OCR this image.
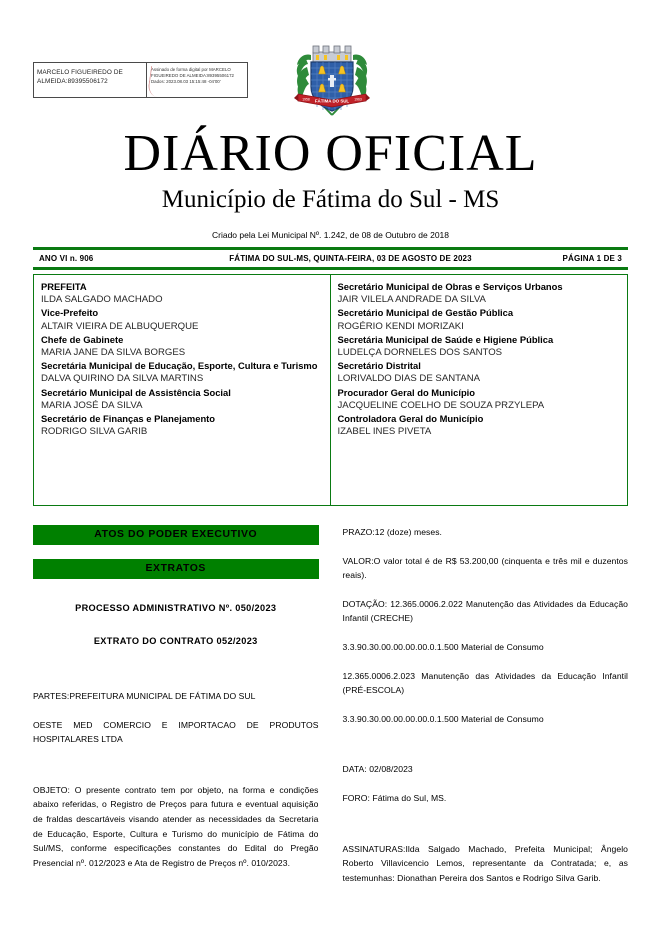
MARCELO FIGUEIREDO DE
ALMEIDA:89395506172
Assinado de forma digital por MARCELO
FIGUEIREDO DE ALMEIDA:89395506172
Dados: 2023.08.03 15:15:48 -04'00'
FÁTIMA DO SUL
1958	1963
DIÁRIO OFICIAL
Município de Fátima do Sul - MS
Criado pela Lei Municipal Nº. 1.242, de 08 de Outubro de 2018
ANO VI n. 906	FÁTIMA DO SUL-MS, QUINTA-FEIRA, 03 DE AGOSTO DE 2023	PÁGINA 1 DE 3
PREFEITA
ILDA SALGADO MACHADO
Vice-Prefeito
ALTAIR VIEIRA DE ALBUQUERQUE
Chefe de Gabinete
MARIA JANE DA SILVA BORGES
Secretária Municipal de Educação, Esporte, Cultura e Turismo
DALVA QUIRINO DA SILVA MARTINS
Secretário Municipal de Assistência Social
MARIA JOSÉ DA SILVA
Secretário de Finanças e Planejamento
RODRIGO SILVA GARIB
Secretário Municipal de Obras e Serviços Urbanos
JAIR VILELA ANDRADE DA SILVA
Secretário Municipal de Gestão Pública
ROGÉRIO KENDI MORIZAKI
Secretária Municipal de Saúde e Higiene Pública
LUDELÇA DORNELES DOS SANTOS
Secretário Distrital
LORIVALDO DIAS DE SANTANA
Procurador Geral do Município
JACQUELINE COELHO DE SOUZA PRZYLEPA
Controladora Geral do Município
IZABEL INES PIVETA
ATOS DO PODER EXECUTIVO
EXTRATOS
PROCESSO ADMINISTRATIVO Nº. 050/2023
EXTRATO DO CONTRATO 052/2023
PARTES:PREFEITURA MUNICIPAL DE FÁTIMA DO SUL
OESTE MED COMERCIO E IMPORTACAO DE PRODUTOS HOSPITALARES LTDA
OBJETO: O presente contrato tem por objeto, na forma e condições abaixo referidas, o Registro de Preços para futura e eventual aquisição de fraldas descartáveis visando atender as necessidades da Secretaria de Educação, Esporte, Cultura e Turismo do município de Fátima do Sul/MS, conforme especificações constantes do Edital do Pregão Presencial nº. 012/2023 e Ata de Registro de Preços nº. 010/2023.
PRAZO:12 (doze) meses.
VALOR:O valor total é de R$ 53.200,00 (cinquenta e três mil e duzentos reais).
DOTAÇÃO: 12.365.0006.2.022 Manutenção das Atividades da Educação Infantil (CRECHE)
3.3.90.30.00.00.00.00.0.1.500 Material de Consumo
12.365.0006.2.023 Manutenção das Atividades da Educação Infantil (PRÉ-ESCOLA)
3.3.90.30.00.00.00.00.0.1.500 Material de Consumo
DATA: 02/08/2023
FORO: Fátima do Sul, MS.
ASSINATURAS:Ilda Salgado Machado, Prefeita Municipal; Ângelo Roberto Villavicencio Lemos, representante da Contratada; e, as testemunhas: Dionathan Pereira dos Santos e Rodrigo Silva Garib.
